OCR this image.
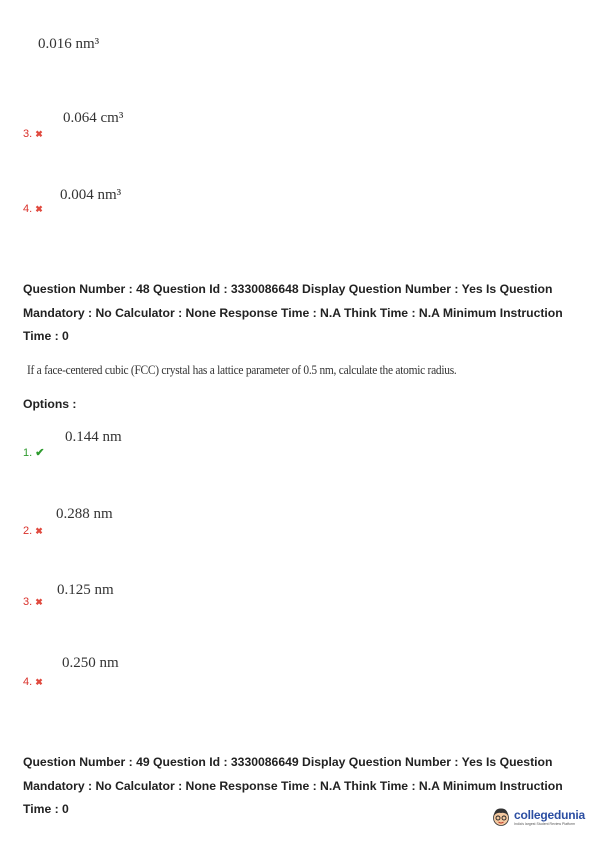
0.016 nm³
0.064 cm³
3. ✖
0.004 nm³
4. ✖
Question Number : 48 Question Id : 3330086648 Display Question Number : Yes Is Question Mandatory : No Calculator : None Response Time : N.A Think Time : N.A Minimum Instruction Time : 0
If a face-centered cubic (FCC) crystal has a lattice parameter of 0.5 nm, calculate the atomic radius.
Options :
0.144 nm
1. ✔
0.288 nm
2. ✖
0.125 nm
3. ✖
0.250 nm
4. ✖
Question Number : 49 Question Id : 3330086649 Display Question Number : Yes Is Question Mandatory : No Calculator : None Response Time : N.A Think Time : N.A Minimum Instruction Time : 0	collegedunia
India's largest Student Review Platform
